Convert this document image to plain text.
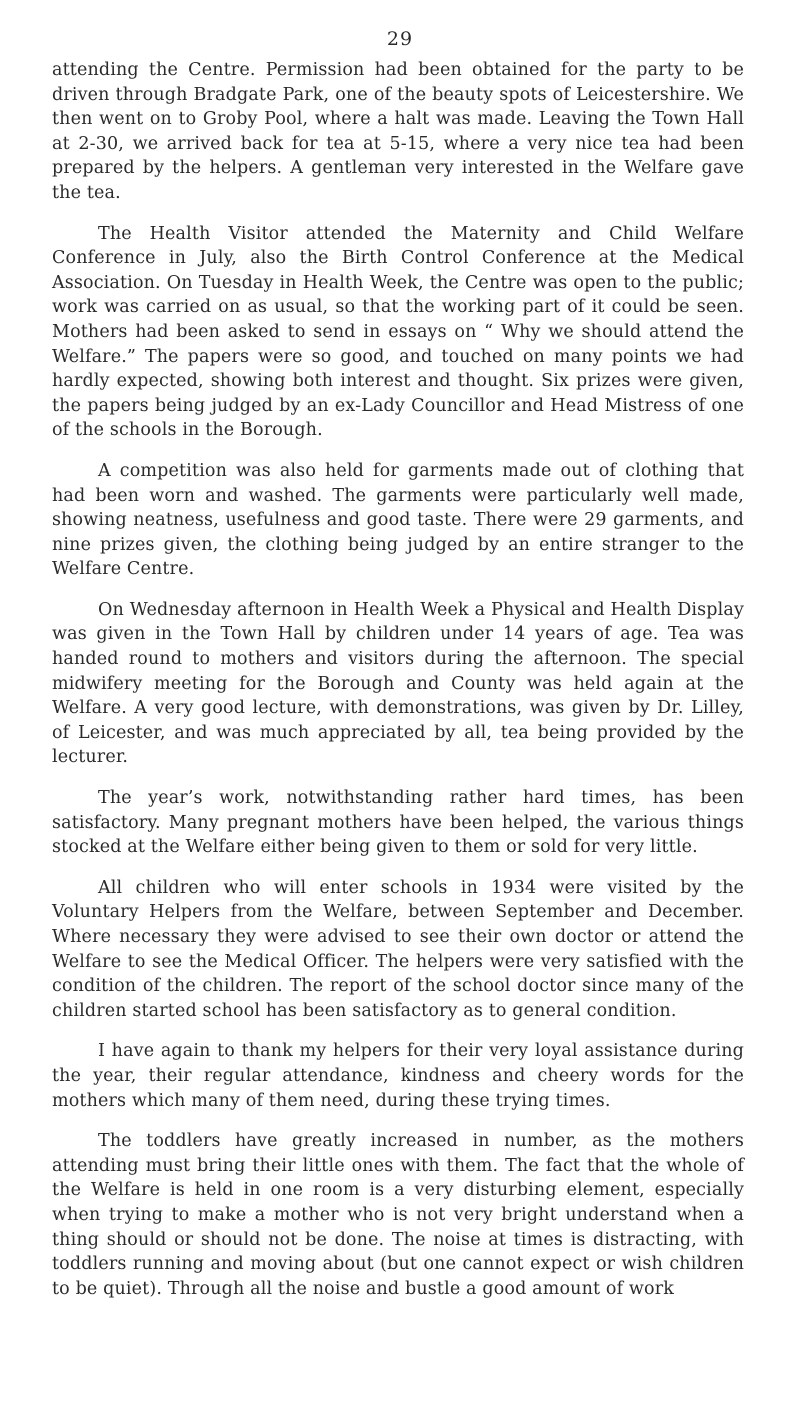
29

attending the Centre. Permission had been obtained for the party to be driven through Bradgate Park, one of the beauty spots of Leicestershire. We then went on to Groby Pool, where a halt was made. Leaving the Town Hall at 2-30, we arrived back for tea at 5-15, where a very nice tea had been prepared by the helpers. A gentleman very interested in the Welfare gave the tea.

The Health Visitor attended the Maternity and Child Welfare Conference in July, also the Birth Control Conference at the Medical Association. On Tuesday in Health Week, the Centre was open to the public; work was carried on as usual, so that the working part of it could be seen. Mothers had been asked to send in essays on “ Why we should attend the Welfare.” The papers were so good, and touched on many points we had hardly expected, showing both interest and thought. Six prizes were given, the papers being judged by an ex-Lady Councillor and Head Mistress of one of the schools in the Borough.

A competition was also held for garments made out of clothing that had been worn and washed. The garments were particularly well made, showing neatness, usefulness and good taste. There were 29 garments, and nine prizes given, the clothing being judged by an entire stranger to the Welfare Centre.

On Wednesday afternoon in Health Week a Physical and Health Display was given in the Town Hall by children under 14 years of age. Tea was handed round to mothers and visitors during the afternoon. The special midwifery meeting for the Borough and County was held again at the Welfare. A very good lecture, with demonstrations, was given by Dr. Lilley, of Leicester, and was much appreciated by all, tea being provided by the lecturer.

The year’s work, notwithstanding rather hard times, has been satisfactory. Many pregnant mothers have been helped, the various things stocked at the Welfare either being given to them or sold for very little.

All children who will enter schools in 1934 were visited by the Voluntary Helpers from the Welfare, between September and December. Where necessary they were advised to see their own doctor or attend the Welfare to see the Medical Officer. The helpers were very satisfied with the condition of the children. The report of the school doctor since many of the children started school has been satisfactory as to general condition.

I have again to thank my helpers for their very loyal assistance during the year, their regular attendance, kindness and cheery words for the mothers which many of them need, during these trying times.

The toddlers have greatly increased in number, as the mothers attending must bring their little ones with them. The fact that the whole of the Welfare is held in one room is a very disturbing element, especially when trying to make a mother who is not very bright understand when a thing should or should not be done. The noise at times is distracting, with toddlers running and moving about (but one cannot expect or wish children to be quiet). Through all the noise and bustle a good amount of work
